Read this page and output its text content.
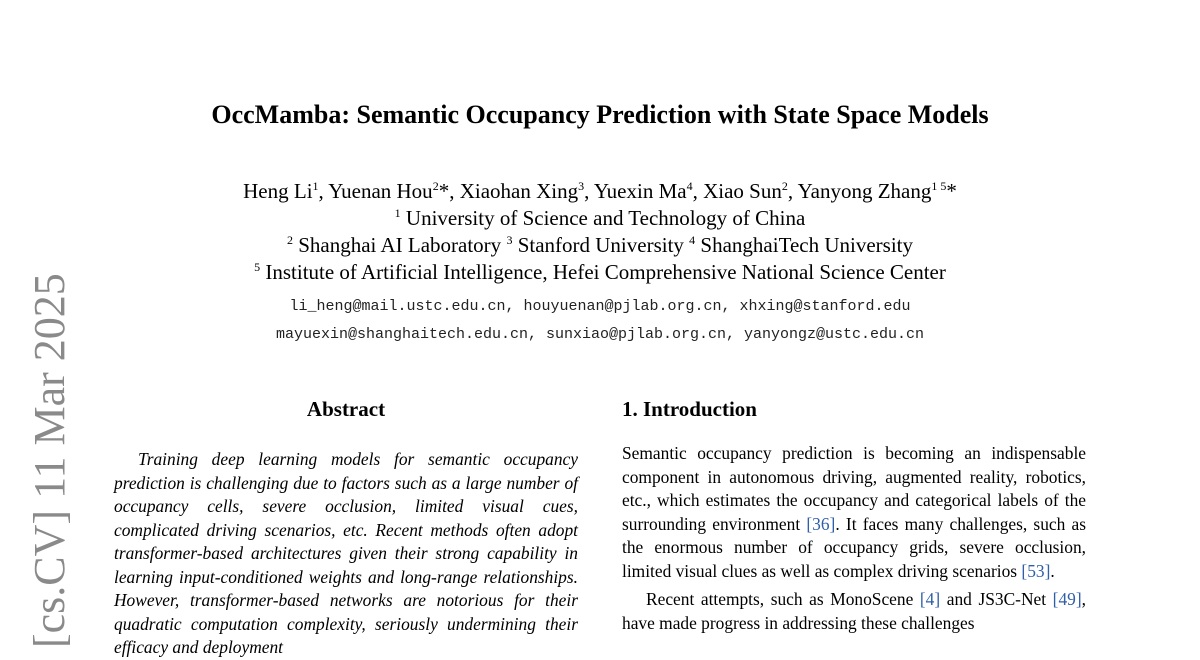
[cs.CV] 11 Mar 2025
OccMamba: Semantic Occupancy Prediction with State Space Models
Heng Li$^1$, Yuenan Hou$^2$*, Xiaohan Xing$^3$, Yuexin Ma$^4$, Xiao Sun$^2$, Yanyong Zhang$^{1 5}$*
$^1$ University of Science and Technology of China
$^2$ Shanghai AI Laboratory $^3$ Stanford University $^4$ ShanghaiTech University
$^5$ Institute of Artificial Intelligence, Hefei Comprehensive National Science Center
li_heng@mail.ustc.edu.cn, houyuenan@pjlab.org.cn, xhxing@stanford.edu
mayuexin@shanghaitech.edu.cn, sunxiao@pjlab.org.cn, yanyongz@ustc.edu.cn
Abstract
Training deep learning models for semantic occupancy prediction is challenging due to factors such as a large number of occupancy cells, severe occlusion, limited visual cues, complicated driving scenarios, etc. Recent methods often adopt transformer-based architectures given their strong capability in learning input-conditioned weights and long-range relationships. However, transformer-based networks are notorious for their quadratic computation complexity, seriously undermining their efficacy and deployment
1. Introduction

Semantic occupancy prediction is becoming an indispensable component in autonomous driving, augmented reality, robotics, etc., which estimates the occupancy and categorical labels of the surrounding environment [36]. It faces many challenges, such as the enormous number of occupancy grids, severe occlusion, limited visual clues as well as complex driving scenarios [53].

Recent attempts, such as MonoScene [4] and JS3C-Net [49], have made progress in addressing these challenges
